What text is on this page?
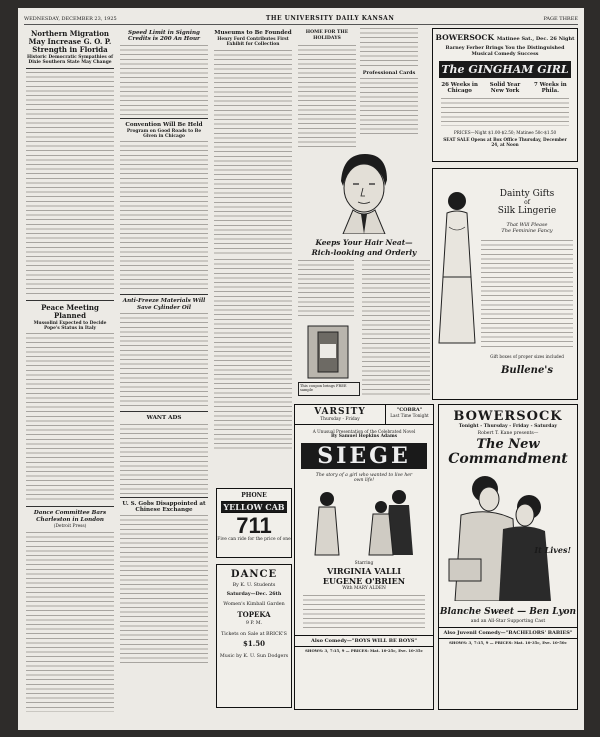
WEDNESDAY, DECEMBER 23, 1925	THE UNIVERSITY DAILY KANSAN	PAGE THREE
Northern Migration May Increase G. O. P. Strength in Florida
Historic Democratic Sympathies of Dixie Southern State May Change
Peace Meeting Planned
Mussolini Expected to Decide Pope's Status in Italy
Dance Committee Bars Charleston in London
(Detroit Press)
Speed Limit in Signing Credits is 200 An Hour
Convention Will Be Held
Program on Good Roads to Be Given in Chicago
Anti-Freeze Materials Will Save Cylinder Oil
WANT ADS
U. S. Gobs Disappointed at Chinese Exchange
Museums to Be Founded
Henry Ford Contributes First Exhibit for Collection
PHONE
YELLOW CAB
711
Five can ride for the price of one
DANCE
By K. U. Students
Saturday—Dec. 26th
Women's Kimball Garden
TOPEKA
9 P. M.
Tickets on Sale at BRICK'S
$1.50
Music by K. U. Sun Dodgers
HOME FOR THE HOLIDAYS
Professional Cards
Keeps Your Hair Neat—
Rich-looking and Orderly
This coupon brings FREE sample
BOWERSOCK Matinee Sat., Dec. 26 Night
Barney Ferber Brings You the Distinguished Musical Comedy Success
The GINGHAM GIRL
26 Weeks in Chicago
Solid Year New York
7 Weeks in Phila.
PRICES—Night $1.00-$2.50; Matinee 50c-$1.50
SEAT SALE Opens at Box Office Thursday, December 24, at Noon
Dainty Gifts
of
Silk Lingerie
That Will Please
The Feminine Fancy
Gift boxes of proper sizes included
Bullene's
VARSITY
Thursday - Friday
"COBRA"
Last Time Tonight
A Unusual Presentation of the Celebrated Novel
By Samuel Hopkins Adams
SIEGE
The story of a girl who wanted to live her own life!
Starring
VIRGINIA VALLI
EUGENE O'BRIEN
With MARY ALDEN
Also Comedy—"BOYS WILL BE BOYS"
SHOWS: 3, 7:15, 9 — PRICES: Mat. 10-25c, Eve. 10-35c
BOWERSOCK
Tonight - Thursday - Friday - Saturday
Robert T. Kane presents—
The New
Commandment
It Lives!
Blanche Sweet — Ben Lyon
and an All-Star Supporting Cast
Also Juvenil Comedy—"BACHELORS' BABIES"
SHOWS: 3, 7:15, 9 — PRICES: Mat. 10-35c, Eve. 10-50c
